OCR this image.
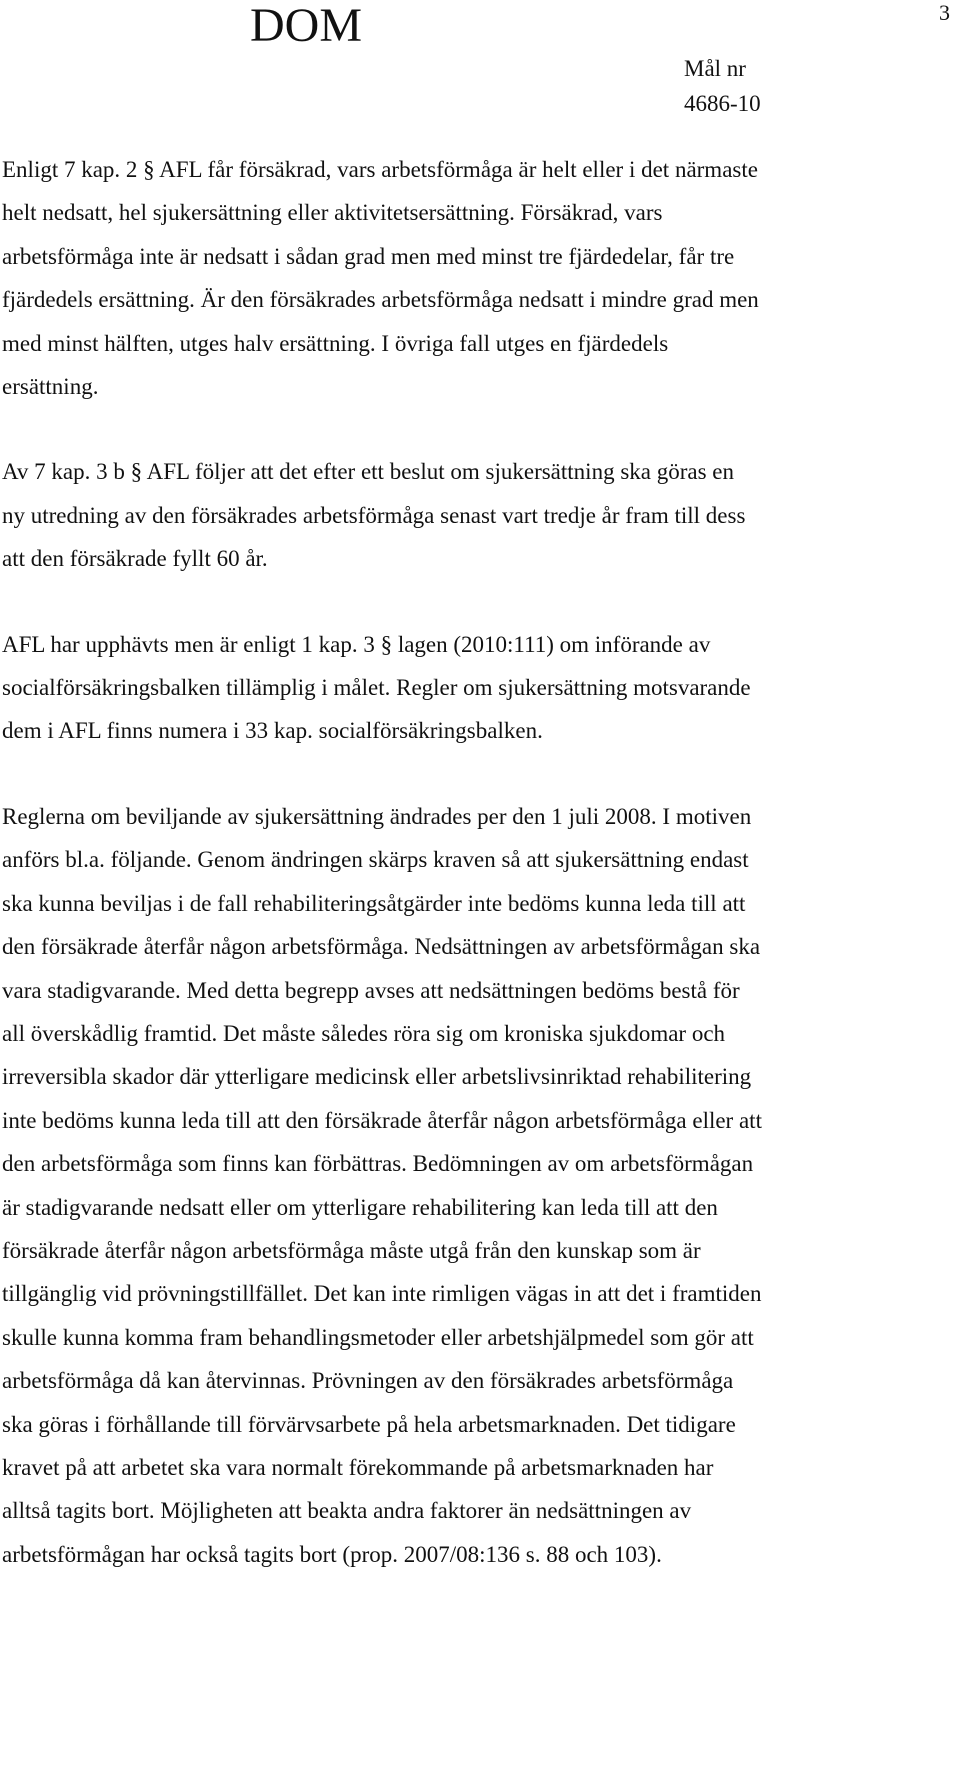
DOM	3
Mål nr
4686-10

Enligt 7 kap. 2 § AFL får försäkrad, vars arbetsförmåga är helt eller i det närmaste
helt nedsatt, hel sjukersättning eller aktivitetsersättning. Försäkrad, vars
arbetsförmåga inte är nedsatt i sådan grad men med minst tre fjärdedelar, får tre
fjärdedels ersättning. Är den försäkrades arbetsförmåga nedsatt i mindre grad men
med minst hälften, utges halv ersättning. I övriga fall utges en fjärdedels
ersättning.

Av 7 kap. 3 b § AFL följer att det efter ett beslut om sjukersättning ska göras en
ny utredning av den försäkrades arbetsförmåga senast vart tredje år fram till dess
att den försäkrade fyllt 60 år.

AFL har upphävts men är enligt 1 kap. 3 § lagen (2010:111) om införande av
socialförsäkringsbalken tillämplig i målet. Regler om sjukersättning motsvarande
dem i AFL finns numera i 33 kap. socialförsäkringsbalken.

Reglerna om beviljande av sjukersättning ändrades per den 1 juli 2008. I motiven
anförs bl.a. följande. Genom ändringen skärps kraven så att sjukersättning endast
ska kunna beviljas i de fall rehabiliteringsåtgärder inte bedöms kunna leda till att
den försäkrade återfår någon arbetsförmåga. Nedsättningen av arbetsförmågan ska
vara stadigvarande. Med detta begrepp avses att nedsättningen bedöms bestå för
all överskådlig framtid. Det måste således röra sig om kroniska sjukdomar och
irreversibla skador där ytterligare medicinsk eller arbetslivsinriktad rehabilitering
inte bedöms kunna leda till att den försäkrade återfår någon arbetsförmåga eller att
den arbetsförmåga som finns kan förbättras. Bedömningen av om arbetsförmågan
är stadigvarande nedsatt eller om ytterligare rehabilitering kan leda till att den
försäkrade återfår någon arbetsförmåga måste utgå från den kunskap som är
tillgänglig vid prövningstillfället. Det kan inte rimligen vägas in att det i framtiden
skulle kunna komma fram behandlingsmetoder eller arbetshjälpmedel som gör att
arbetsförmåga då kan återvinnas. Prövningen av den försäkrades arbetsförmåga
ska göras i förhållande till förvärvsarbete på hela arbetsmarknaden. Det tidigare
kravet på att arbetet ska vara normalt förekommande på arbetsmarknaden har
alltså tagits bort. Möjligheten att beakta andra faktorer än nedsättningen av
arbetsförmågan har också tagits bort (prop. 2007/08:136 s. 88 och 103).
